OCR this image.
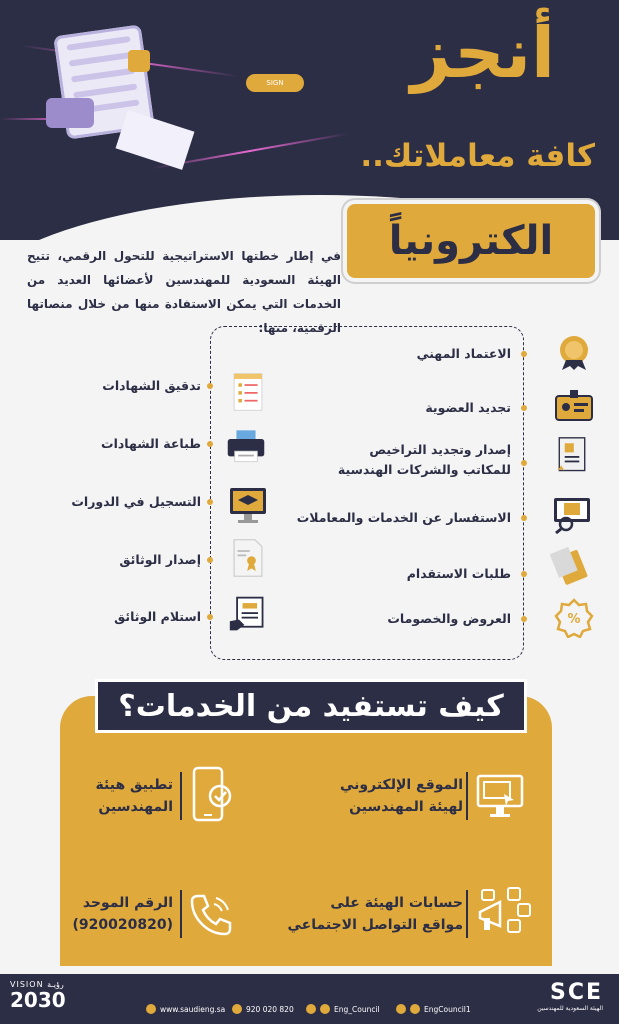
SIGN أنجز
كافة معاملاتك..
الكترونياً

في إطار خطتها الاستراتيجية للتحول الرقمي، تتيح الهيئة السعودية للمهندسين لأعضائها العديد من الخدمات التي يمكن الاستفادة منها من خلال منصاتها الرقمية، منها:

الاعتماد المهني
تجديد العضوية
إصدار وتجديد التراخيص للمكاتب والشركات الهندسية
الاستفسار عن الخدمات والمعاملات
طلبات الاستقدام
العروض والخصومات	%
تدقيق الشهادات
طباعة الشهادات
التسجيل في الدورات
إصدار الوثائق
استلام الوثائق
كيف تستفيد من الخدمات؟
الموقع الإلكتروني
لهيئة المهندسين
تطبيق هيئة
المهندسين
حسابات الهيئة على
مواقع التواصل الاجتماعي
الرقم الموحد
(920020820)
VISION رؤيـة
2030	www.saudieng.sa	920 020 820	Eng_Council	EngCouncil1
SCE
الهيئة السعودية للمهندسين
